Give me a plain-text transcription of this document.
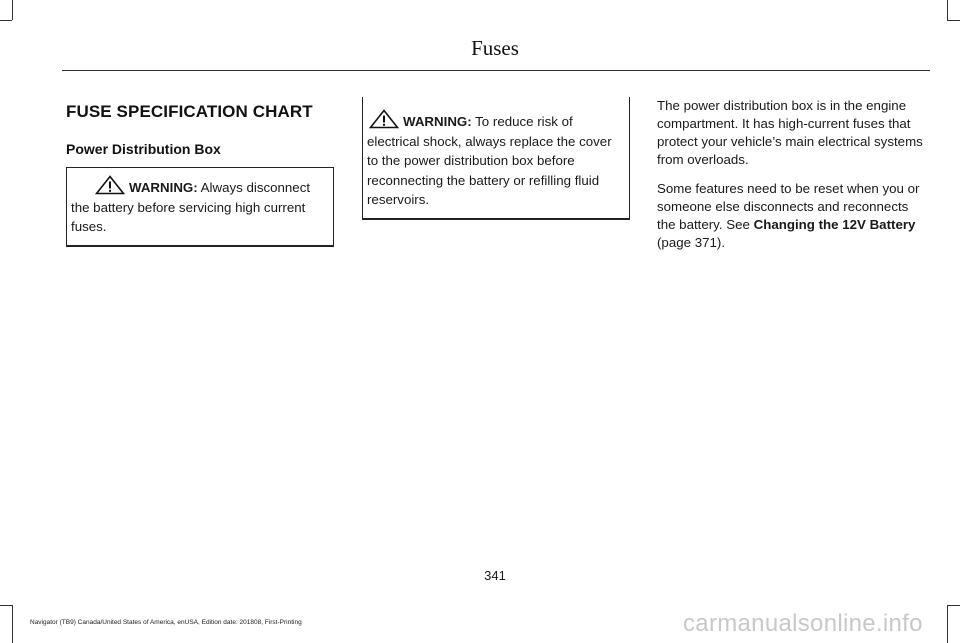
Fuses
FUSE SPECIFICATION CHART
Power Distribution Box
WARNING: Always disconnect the battery before servicing high current fuses.
WARNING: To reduce risk of electrical shock, always replace the cover to the power distribution box before reconnecting the battery or refilling fluid reservoirs.

The power distribution box is in the engine compartment. It has high-current fuses that protect your vehicle’s main electrical systems from overloads.

Some features need to be reset when you or someone else disconnects and reconnects the battery. See Changing the 12V Battery (page 371).

341
Navigator (TB9) Canada/United States of America, enUSA, Edition date: 201808, First-Printing	carmanualsonline.info
